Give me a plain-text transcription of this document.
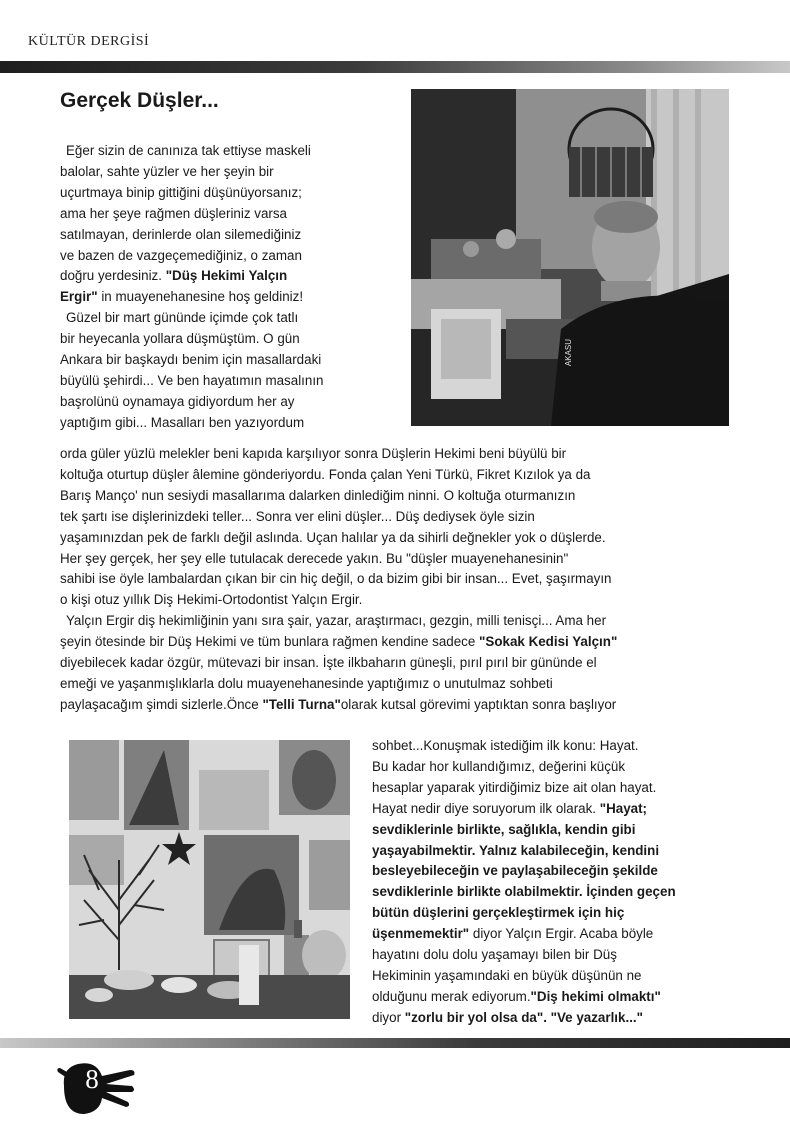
KÜLTÜR DERGİSİ
Gerçek Düşler...
AKASU

Eğer sizin de canınıza tak ettiyse maskeli
balolar, sahte yüzler ve her şeyin bir
uçurtmaya binip gittiğini düşünüyorsanız;
ama her şeye rağmen düşleriniz varsa
satılmayan, derinlerde olan silemediğiniz
ve bazen de vazgeçemediğiniz, o zaman
doğru yerdesiniz. "Düş Hekimi Yalçın
Ergir" in muayenehanesine hoş geldiniz!
Güzel bir mart gününde içimde çok tatlı
bir heyecanla yollara düşmüştüm. O gün
Ankara bir başkaydı benim için masallardaki
büyülü şehirdi... Ve ben hayatımın masalının
başrolünü oynamaya gidiyordum her ay
yaptığım gibi... Masalları ben yazıyordum

orda güler yüzlü melekler beni kapıda karşılıyor sonra Düşlerin Hekimi beni büyülü bir
koltuğa oturtup düşler âlemine gönderiyordu. Fonda çalan Yeni Türkü, Fikret Kızılok ya da
Barış Manço' nun sesiydi masallarıma dalarken dinlediğim ninni. O koltuğa oturmanızın
tek şartı ise dişlerinizdeki teller... Sonra ver elini düşler... Düş dediysek öyle sizin
yaşamınızdan pek de farklı değil aslında. Uçan halılar ya da sihirli değnekler yok o düşlerde.
Her şey gerçek, her şey elle tutulacak derecede yakın. Bu "düşler muayenehanesinin"
sahibi ise öyle lambalardan çıkan bir cin hiç değil, o da bizim gibi bir insan... Evet, şaşırmayın
o kişi otuz yıllık Diş Hekimi-Ortodontist Yalçın Ergir.
Yalçın Ergir diş hekimliğinin yanı sıra şair, yazar, araştırmacı, gezgin, milli tenisçi... Ama her
şeyin ötesinde bir Düş Hekimi ve tüm bunlara rağmen kendine sadece "Sokak Kedisi Yalçın"
diyebilecek kadar özgür, mütevazi bir insan. İşte ilkbaharın güneşli, pırıl pırıl bir gününde el
emeği ve yaşanmışlıklarla dolu muayenehanesinde yaptığımız o unutulmaz sohbeti
paylaşacağım şimdi sizlerle.Önce "Telli Turna"olarak kutsal görevimi yaptıktan sonra başlıyor

sohbet...Konuşmak istediğim ilk konu: Hayat.
Bu kadar hor kullandığımız, değerini küçük
hesaplar yaparak yitirdiğimiz bize ait olan hayat.
Hayat nedir diye soruyorum ilk olarak. "Hayat;
sevdiklerinle birlikte, sağlıkla, kendin gibi
yaşayabilmektir. Yalnız kalabileceğin, kendini
besleyebileceğin ve paylaşabileceğin şekilde
sevdiklerinle birlikte olabilmektir. İçinden geçen
bütün düşlerini gerçekleştirmek için hiç
üşenmemektir" diyor Yalçın Ergir. Acaba böyle
hayatını dolu dolu yaşamayı bilen bir Düş
Hekiminin yaşamındaki en büyük düşünün ne
olduğunu merak ediyorum."Diş hekimi olmaktı"
diyor "zorlu bir yol olsa da". "Ve yazarlık..."

8
